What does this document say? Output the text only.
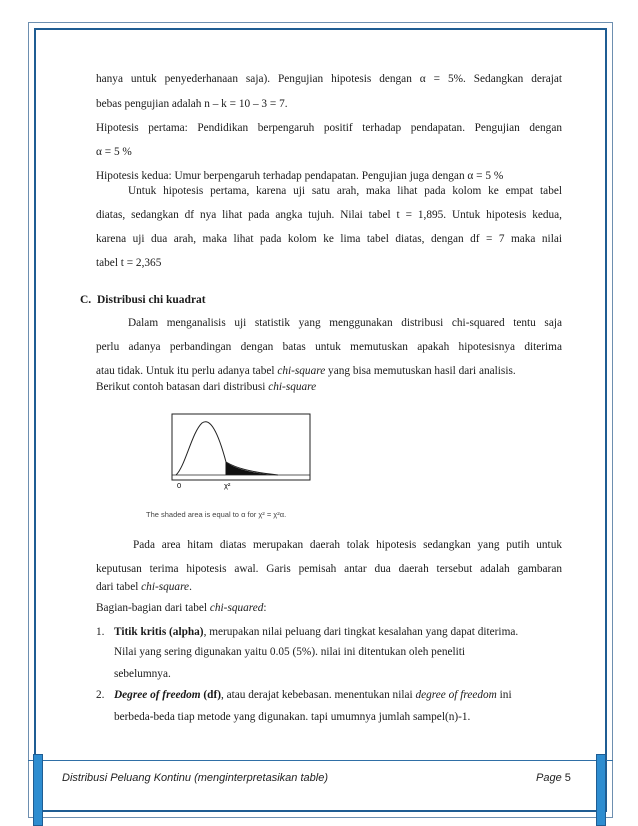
hanya untuk penyederhanaan saja). Pengujian hipotesis dengan α = 5%. Sedangkan derajat
bebas pengujian adalah n – k = 10 – 3 = 7.
Hipotesis pertama: Pendidikan berpengaruh positif terhadap pendapatan. Pengujian dengan
α = 5 %
Hipotesis kedua: Umur berpengaruh terhadap pendapatan. Pengujian juga dengan α = 5 %
Untuk hipotesis pertama, karena uji satu arah, maka lihat pada kolom ke empat tabel
diatas, sedangkan df nya lihat pada angka tujuh. Nilai tabel t = 1,895. Untuk hipotesis kedua,
karena uji dua arah, maka lihat pada kolom ke lima tabel diatas, dengan df = 7 maka nilai
tabel t = 2,365
C. Distribusi chi kuadrat
Dalam menganalisis uji statistik yang menggunakan distribusi chi-squared tentu saja
perlu adanya perbandingan dengan batas untuk memutuskan apakah hipotesisnya diterima
atau tidak. Untuk itu perlu adanya tabel chi-square yang bisa memutuskan hasil dari analisis.
Berikut contoh batasan dari distribusi chi-square
0	χ²
The shaded area is equal to α for χ² = χ²α.
Pada area hitam diatas merupakan daerah tolak hipotesis sedangkan yang putih untuk
keputusan terima hipotesis awal. Garis pemisah antar dua daerah tersebut adalah gambaran
dari tabel chi-square.
Bagian-bagian dari tabel chi-squared:
1. Titik kritis (alpha), merupakan nilai peluang dari tingkat kesalahan yang dapat diterima.
Nilai yang sering digunakan yaitu 0.05 (5%). nilai ini ditentukan oleh peneliti
sebelumnya.
2. Degree of freedom (df), atau derajat kebebasan. menentukan nilai degree of freedom ini
berbeda-beda tiap metode yang digunakan. tapi umumnya jumlah sampel(n)-1.
Distribusi Peluang Kontinu (menginterpretasikan table)	Page 5
